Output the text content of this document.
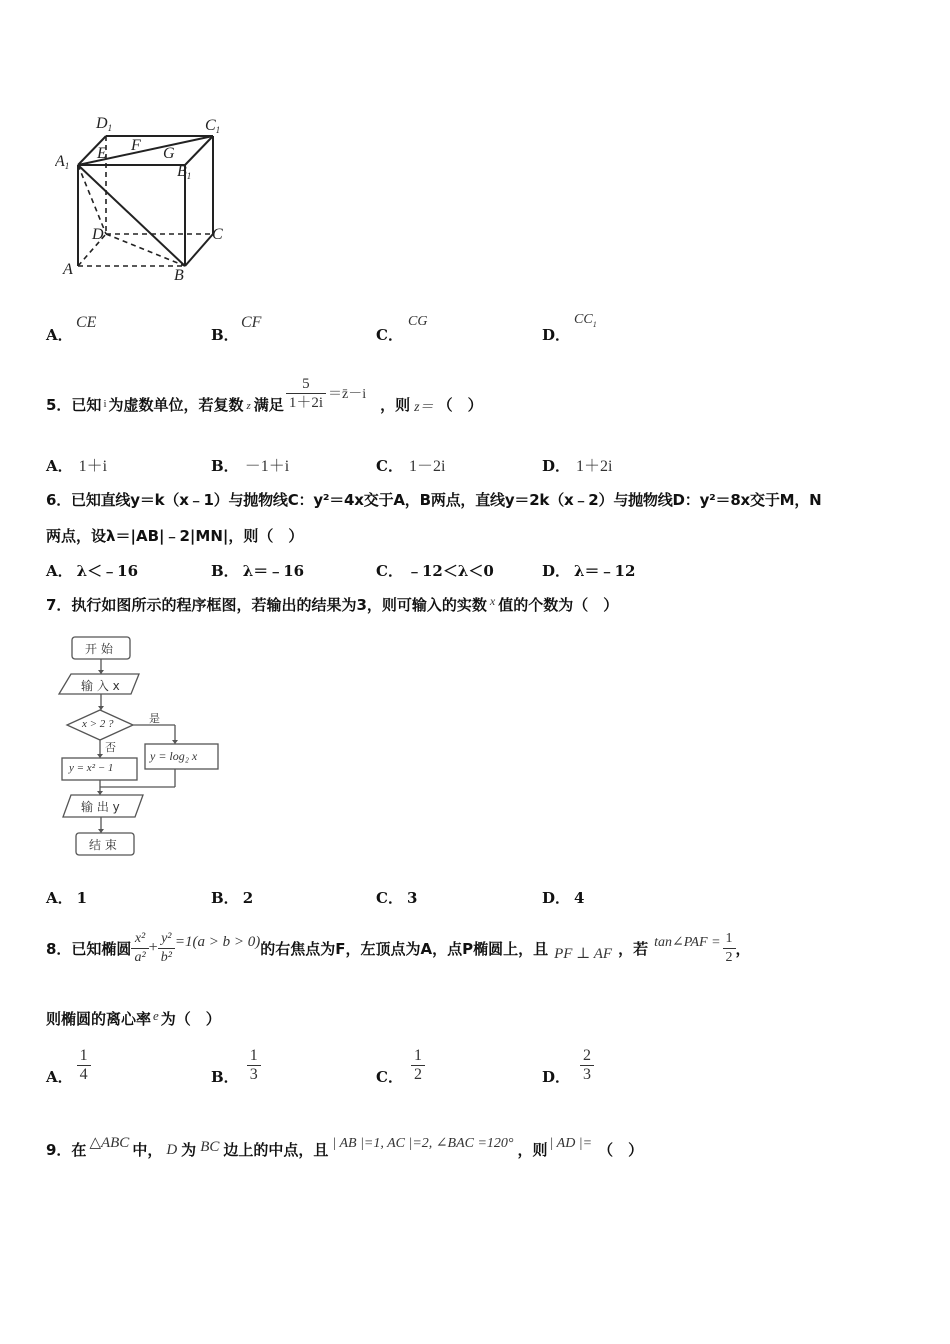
D1	C1
A1	B1
E F G
D	C
A	B
A．
CE
B．
CF
C．
CG
D．
$CC_1$
5．已知 i 为虚数单位，若复数 z 满足 $\frac{5}{1+2i}$ ＝z̄－i
，则 z＝ （　）
A． 1＋i	B． －1＋i	C． 1－2i	D． 1＋2i
6．已知直线y＝k（x﹣1）与抛物线C：y²＝4x交于A，B两点，直线y＝2k（x﹣2）与抛物线D：y²＝8x交于M，N
两点，设λ＝|AB|﹣2|MN|，则（　）
A． λ＜﹣16	B． λ＝﹣16	C． ﹣12＜λ＜0	D． λ＝﹣12
7．执行如图所示的程序框图，若输出的结果为3，则可输入的实数 $^x$ 值的个数为（　）
开 始
输 入 x
x > 2 ?	是
否
y = log₂ x
y = x² − 1
输 出 y
结 束
A． 1	B． 2	C． 3	D． 4
8．已知椭圆 $\frac{\text{x²}}{\text{a²}} + \frac{\text{y²}}{\text{b²}} =1(a > b > 0)$ 的右焦点为F，左顶点为A，点P椭圆上，且 PF ⊥ AF ，若 tan∠PAF = $\frac{1}{2}$ ，
则椭圆的离心率 e 为（　）
A． $\frac{1}{4}$	B． $\frac{1}{3}$	C． $\frac{1}{2}$	D． $\frac{2}{3}$
9．在 △ABC 中， D 为 BC 边上的中点，且 | AB |=1, AC |=2, ∠BAC =120° ，则 | AD |= （　）
